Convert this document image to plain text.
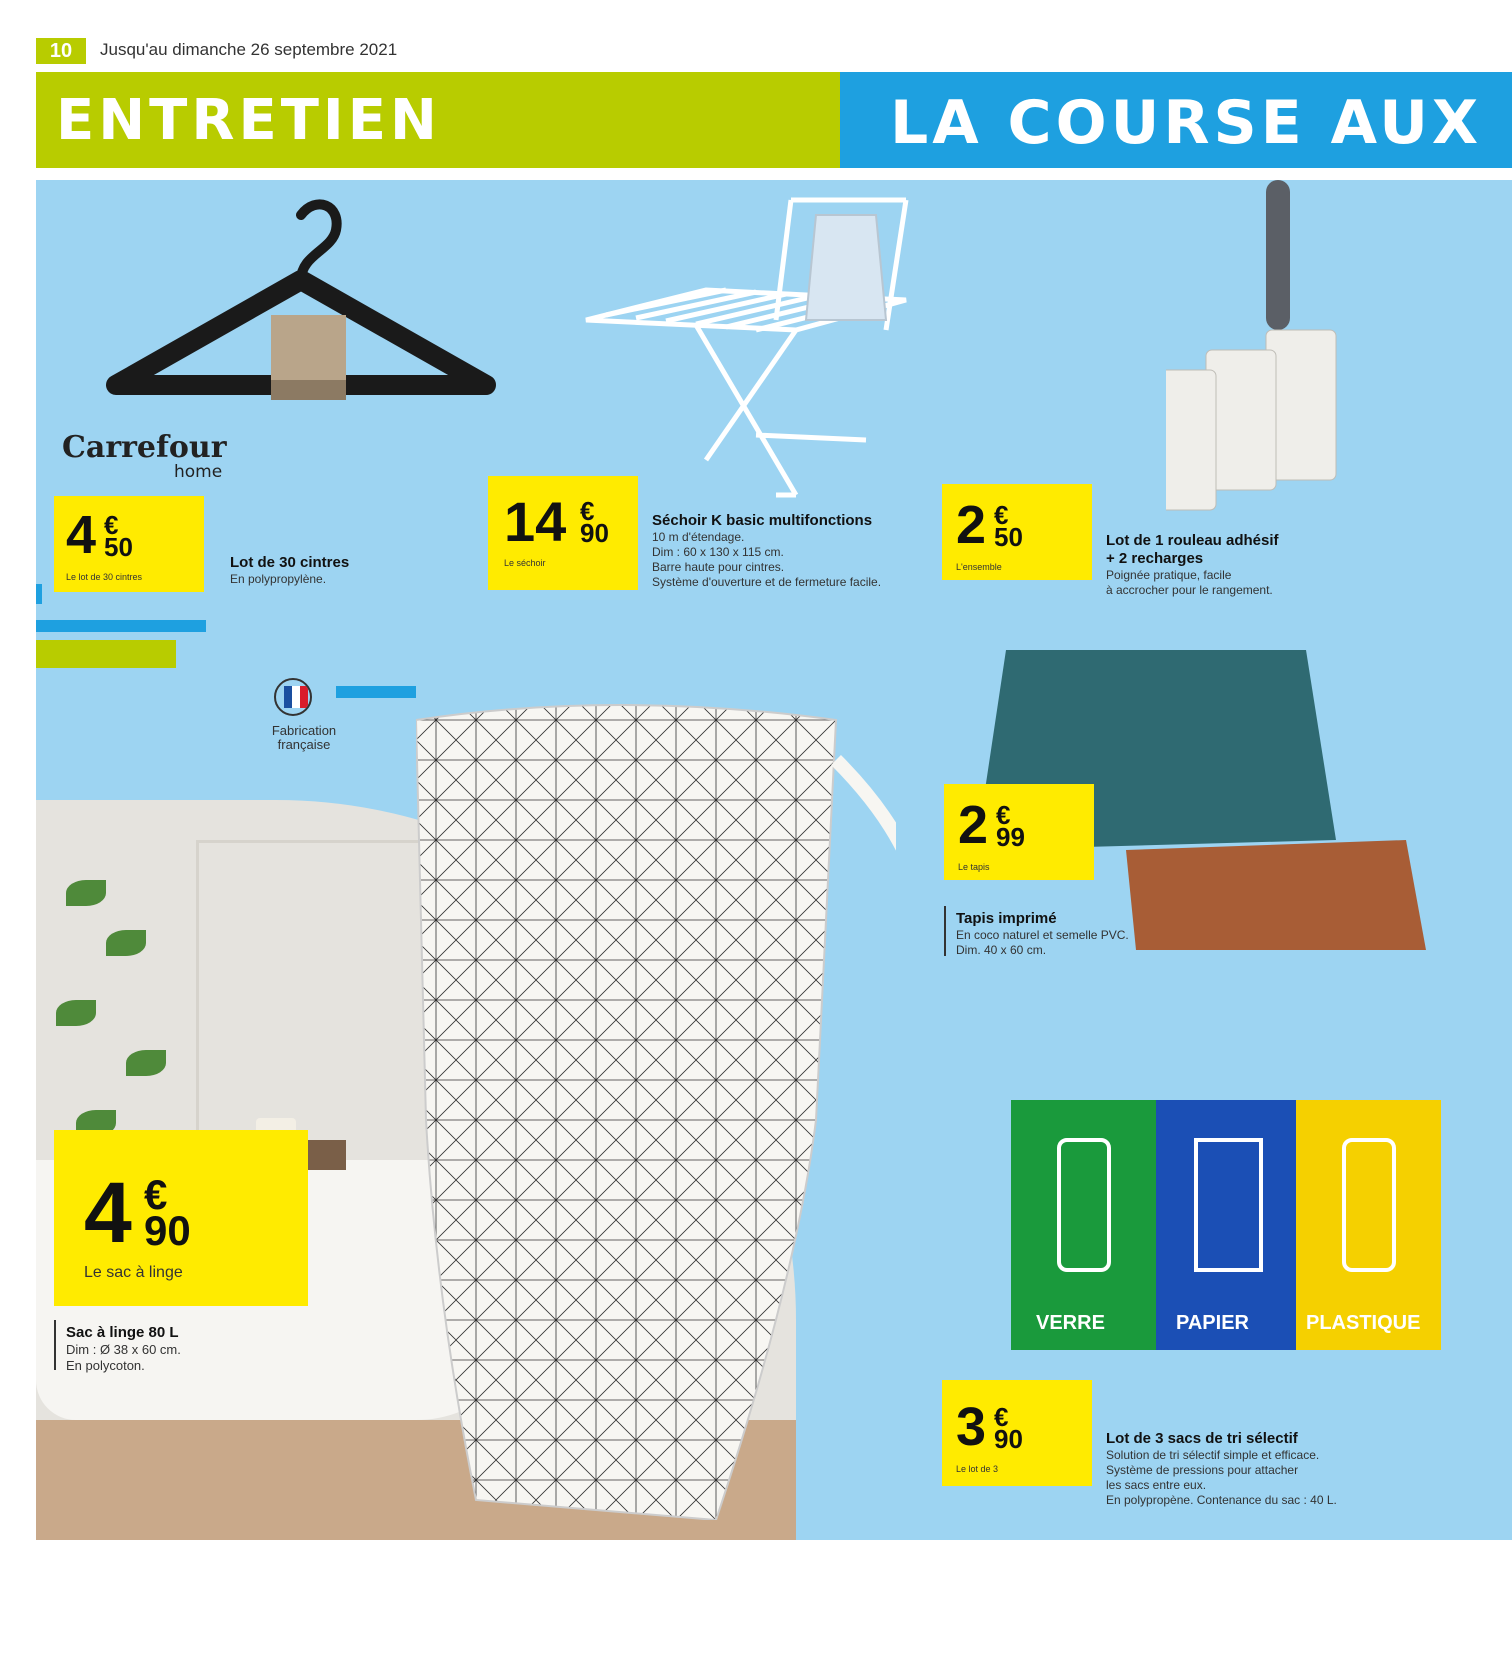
10	Jusqu'au dimanche 26 septembre 2021
ENTRETIEN	LA COURSE AUX
Carrefour
home
4 €
50
Le lot de 30 cintres
Fabrication française
Lot de 30 cintres
En polypropylène.
14 €
90
Le séchoir
Séchoir K basic multifonctions
10 m d'étendage.
Dim : 60 x 130 x 115 cm.
Barre haute pour cintres.
Système d'ouverture et de fermeture facile.
2 €
50
L'ensemble
Lot de 1 rouleau adhésif
+ 2 recharges
Poignée pratique, facile
à accrocher pour le rangement.
2 €
99
Le tapis
Tapis imprimé
En coco naturel et semelle PVC.
Dim. 40 x 60 cm.
4 €
90
Le sac à linge
Sac à linge 80 L
Dim : Ø 38 x 60 cm.
En polycoton.
VERRE	PAPIER	PLASTIQUE
3 €
90
Le lot de 3
Lot de 3 sacs de tri sélectif
Solution de tri sélectif simple et efficace.
Système de pressions pour attacher
les sacs entre eux.
En polypropène. Contenance du sac : 40 L.
